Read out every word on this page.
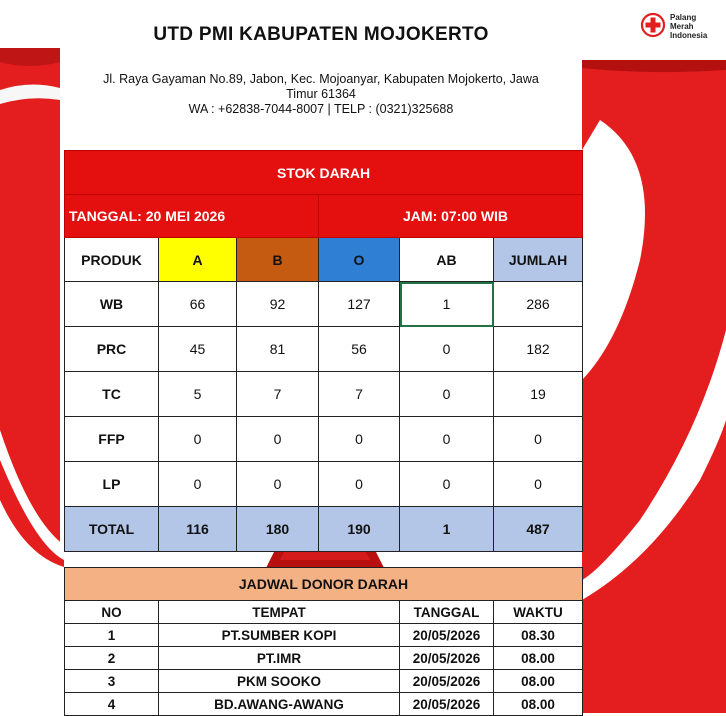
UTD PMI KABUPATEN MOJOKERTO
Jl. Raya Gayaman No.89, Jabon, Kec. Mojoanyar, Kabupaten Mojokerto, Jawa
Timur 61364
WA : +62838-7044-8007 | TELP : (0321)325688
Palang
Merah
Indonesia
STOK DARAH					
TANGGAL: 20 MEI 2026			JAM: 07:00 WIB		
PRODUK	A	B	O	AB	JUMLAH
WB	66	92	127	1	286
PRC	45	81	56	0	182
TC	5	7	7	0	19
FFP	0	0	0	0	0
LP	0	0	0	0	0
TOTAL	116	180	190	1	487
JADWAL DONOR DARAH			
NO	TEMPAT	TANGGAL	WAKTU
1	PT.SUMBER KOPI	20/05/2026	08.30
2	PT.IMR	20/05/2026	08.00
3	PKM SOOKO	20/05/2026	08.00
4	BD.AWANG-AWANG	20/05/2026	08.00
